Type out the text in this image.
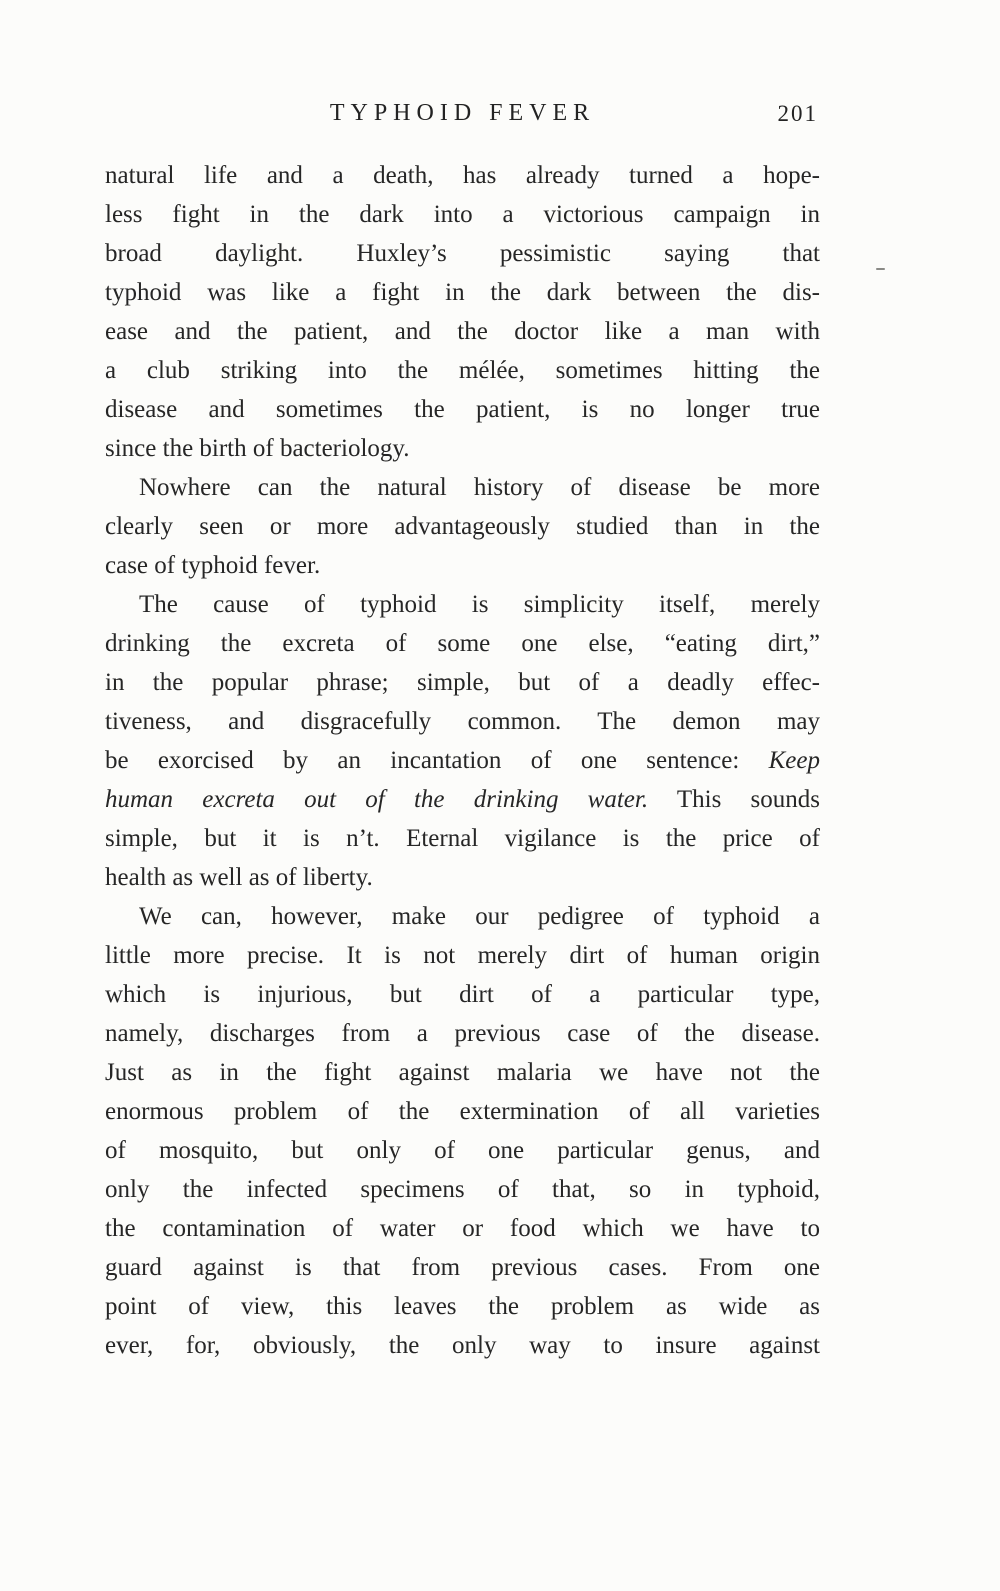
TYPHOID FEVER	201
natural life and a death, has already turned a hope-
less fight in the dark into a victorious campaign in
broad daylight. Huxley’s pessimistic saying that
typhoid was like a fight in the dark between the dis-
ease and the patient, and the doctor like a man with
a club striking into the mélée, sometimes hitting the
disease and sometimes the patient, is no longer true
since the birth of bacteriology.
Nowhere can the natural history of disease be more
clearly seen or more advantageously studied than in the
case of typhoid fever.
The cause of typhoid is simplicity itself, merely
drinking the excreta of some one else, “eating dirt,”
in the popular phrase; simple, but of a deadly effec-
tiveness, and disgracefully common. The demon may
be exorcised by an incantation of one sentence: Keep
human excreta out of the drinking water. This sounds
simple, but it is n’t. Eternal vigilance is the price of
health as well as of liberty.
We can, however, make our pedigree of typhoid a
little more precise. It is not merely dirt of human origin
which is injurious, but dirt of a particular type,
namely, discharges from a previous case of the disease.
Just as in the fight against malaria we have not the
enormous problem of the extermination of all varieties
of mosquito, but only of one particular genus, and
only the infected specimens of that, so in typhoid,
the contamination of water or food which we have to
guard against is that from previous cases. From one
point of view, this leaves the problem as wide as
ever, for, obviously, the only way to insure against
